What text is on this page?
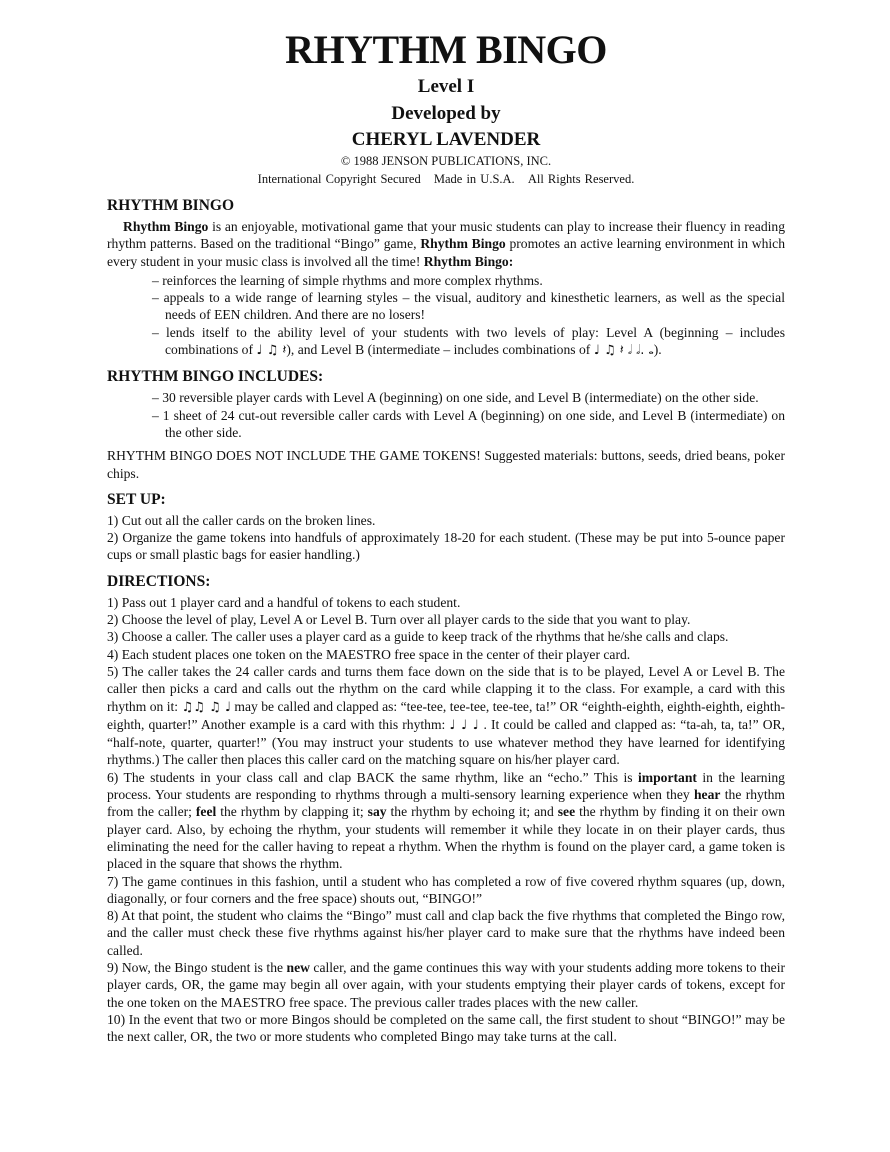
RHYTHM BINGO
Level I
Developed by
CHERYL LAVENDER
© 1988 JENSON PUBLICATIONS, INC.
International Copyright Secured Made in U.S.A. All Rights Reserved.
RHYTHM BINGO

Rhythm Bingo is an enjoyable, motivational game that your music students can play to increase their fluency in reading rhythm patterns. Based on the traditional “Bingo” game, Rhythm Bingo promotes an active learning environment in which every student in your music class is involved all the time! Rhythm Bingo:

– reinforces the learning of simple rhythms and more complex rhythms.
– appeals to a wide range of learning styles – the visual, auditory and kinesthetic learners, as well as the special needs of EEN children. And there are no losers!
– lends itself to the ability level of your students with two levels of play: Level A (beginning – includes combinations of ♩ ♫ 𝄽), and Level B (intermediate – includes combinations of ♩ ♫ 𝄽 𝅗𝅥 𝅗𝅥. 𝅝).
RHYTHM BINGO INCLUDES:
– 30 reversible player cards with Level A (beginning) on one side, and Level B (intermediate) on the other side.
– 1 sheet of 24 cut-out reversible caller cards with Level A (beginning) on one side, and Level B (intermediate) on the other side.

RHYTHM BINGO DOES NOT INCLUDE THE GAME TOKENS! Suggested materials: buttons, seeds, dried beans, poker chips.

SET UP:

1) Cut out all the caller cards on the broken lines.

2) Organize the game tokens into handfuls of approximately 18-20 for each student. (These may be put into 5-ounce paper cups or small plastic bags for easier handling.)

DIRECTIONS:

1) Pass out 1 player card and a handful of tokens to each student.

2) Choose the level of play, Level A or Level B. Turn over all player cards to the side that you want to play.

3) Choose a caller. The caller uses a player card as a guide to keep track of the rhythms that he/she calls and claps.

4) Each student places one token on the MAESTRO free space in the center of their player card.

5) The caller takes the 24 caller cards and turns them face down on the side that is to be played, Level A or Level B. The caller then picks a card and calls out the rhythm on the card while clapping it to the class. For example, a card with this rhythm on it: ♫♫ ♫ ♩ may be called and clapped as: “tee-tee, tee-tee, tee-tee, ta!” OR “eighth-eighth, eighth-eighth, eighth-eighth, quarter!” Another example is a card with this rhythm: ♩ ♩ ♩ . It could be called and clapped as: “ta-ah, ta, ta!” OR, “half-note, quarter, quarter!” (You may instruct your students to use whatever method they have learned for identifying rhythms.) The caller then places this caller card on the matching square on his/her player card.

6) The students in your class call and clap BACK the same rhythm, like an “echo.” This is important in the learning process. Your students are responding to rhythms through a multi-sensory learning experience when they hear the rhythm from the caller; feel the rhythm by clapping it; say the rhythm by echoing it; and see the rhythm by finding it on their own player card. Also, by echoing the rhythm, your students will remember it while they locate in on their player cards, thus eliminating the need for the caller having to repeat a rhythm. When the rhythm is found on the player card, a game token is placed in the square that shows the rhythm.

7) The game continues in this fashion, until a student who has completed a row of five covered rhythm squares (up, down, diagonally, or four corners and the free space) shouts out, “BINGO!”

8) At that point, the student who claims the “Bingo” must call and clap back the five rhythms that completed the Bingo row, and the caller must check these five rhythms against his/her player card to make sure that the rhythms have indeed been called.

9) Now, the Bingo student is the new caller, and the game continues this way with your students adding more tokens to their player cards, OR, the game may begin all over again, with your students emptying their player cards of tokens, except for the one token on the MAESTRO free space. The previous caller trades places with the new caller.

10) In the event that two or more Bingos should be completed on the same call, the first student to shout “BINGO!” may be the next caller, OR, the two or more students who completed Bingo may take turns at the call.
